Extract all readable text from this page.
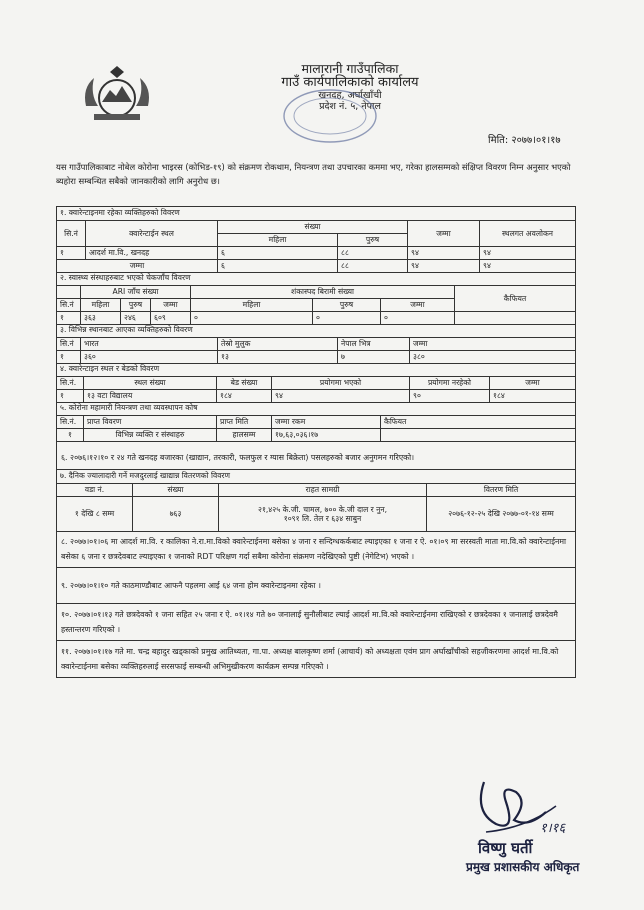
मालारानी गाउँपालिका
गाउँ कार्यपालिकाको कार्यालय
खनदह, अर्घाखाँची
प्रदेश नं. ५, नेपाल
मिति: २०७७।०१।१७
यस गाउँपालिकाबाट नोबेल कोरोना भाइरस (कोभिड-१९) को संक्रमण रोकथाम, नियन्त्रण तथा उपचारका कममा भए, गरेका हालसम्मको संक्षिप्त विवरण निम्न अनुसार भएको ब्यहोरा सम्बन्धित सबैको जानकारीको लागि अनुरोध छ।
१. क्वारेन्टाइनमा रहेका व्यक्तिहरुको विवरण
सि.नं	क्वारेन्टाईन स्थल	संख्या		जम्मा	स्थलगत अवलोकन
		महिला	पुरुष		
१	आदर्श मा.वि., खनदह	६	८८	९४	९४
जम्मा		६	८८	९४	९४
२. स्वास्थ्य संस्थाहरुबाट भएको चेकजाँच विवरण
	ARI जाँच संख्या			शंकास्पद बिरामी संख्या			कैफियत
सि.नं	महिला	पुरुष	जम्मा	महिला	पुरुष	जम्मा	
१	३६३	२४६	६०९	०	०	०	
३. विभिन्न स्थानबाट आएका व्यक्तिहरुको विवरण
सि.नं	भारत	तेस्रो मुलुक	नेपाल भित्र	जम्मा
१	३६०	१३	७	३८०
४. क्वारेन्टाइन स्थल र बेडको विवरण
सि.नं.	स्थल संख्या	बेड संख्या	प्रयोगमा भएको	प्रयोगमा नरहेको	जम्मा
१	१३ वटा विद्यालय	१८४	९४	९०	१८४
५. कोरोना महामारी नियन्त्रण तथा व्यवस्थापन कोष
सि.नं.	प्राप्त विवरण	प्राप्त मिति	जम्मा रकम	कैफियत
१	विभिन्न व्यक्ति र संस्थाहरु	हालसम्म	१७,६३,०३६।१७	
६. २०७६।१२।१० र २४ गते खनदह बजारका (खाद्यान, तरकारी, फलफुल र ग्यास बिक्रेता) पसलहरुको बजार अनुगमन गरिएको।
७. दैनिक ज्यालादारी गर्ने मजदुरलाई खाद्यान्न वितरणको विवरण
वडा नं.	संख्या	राहत सामग्री	वितरण मिति
१ देखि ८ सम्म	७६३	२१,४२५ के.जी. चामल, ७०० के.जी दाल र नुन,
१०९१ लि. तेल र ६३४ साबुन	२०७६-१२-२५ देखि २०७७-०१-१४ सम्म
८. २०७७।०१।०६ मा आदर्श मा.वि. र कालिका ने.रा.मा.विको क्वारेन्टाईनमा बसेका ४ जना र सन्दिग्धकर्कबाट ल्याइएका १ जना र ऐ. ०१।०९ मा सरस्वती माता मा.वि.को क्वारेन्टाईनमा बसेका ६ जना र छत्रदेवबाट ल्याइएका १ जनाको RDT परिक्षण गर्दा सबैमा कोरोना संक्रमण नदेखिएको पुष्टी (नेगेटिभ) भएको ।
९. २०७७।०१।१० गते काठमाण्डौबाट आफनै पहलमा आई ६४ जना होम क्वारेन्टाइनमा रहेका ।
१०. २०७७।०१।१३ गते छत्रदेवको १ जना सहित २५ जना र ऐ. ०१।१४ गते ७० जनालाई सुनौलीबाट ल्याई आदर्श मा.वि.को क्वारेन्टाईनमा राखिएको र छत्रदेवका १ जनालाई छत्रदेवमै हस्तान्तरण गरिएको ।
११. २०७७।०१।१७ गते मा. चन्द्र बहादुर खड्काको प्रमुख आतिथ्यता, गा.पा. अध्यक्ष बालकृष्ण शर्मा (आचार्य) को अध्यक्षता एवंम प्राग अर्घाखाँचीको सहजीकरणमा आदर्श मा.वि.को क्वारेन्टाईनमा बसेका व्यक्तिहरुलाई सरसफाई सम्बन्धी अभिमुखीकरण कार्यक्रम सम्पन्न गरिएको ।
१।१६
विष्णु घर्ती
प्रमुख प्रशासकीय अधिकृत
